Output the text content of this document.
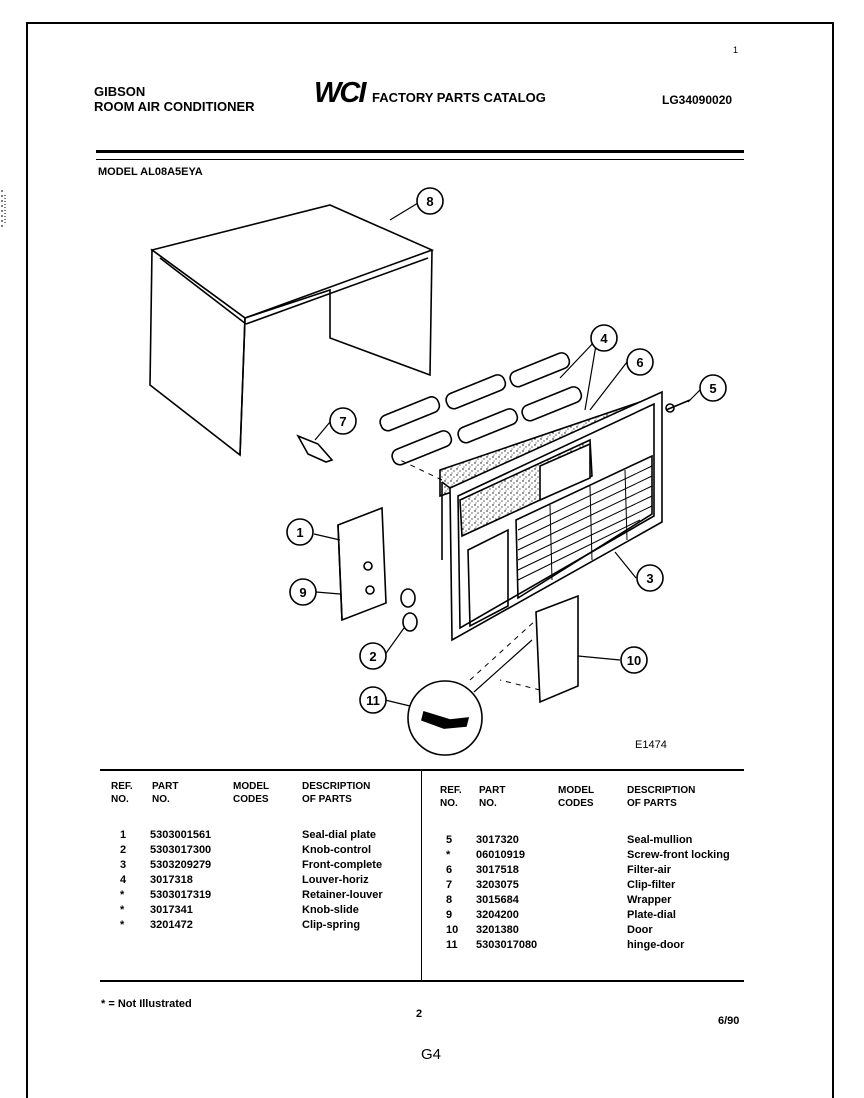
GIBSON
ROOM AIR CONDITIONER WCI FACTORY PARTS CATALOG	LG34090020
1
MODEL AL08A5EYA
1
2
3
4
5
6
7
8
9
10
11
E1474
REF.
NO.
PART
NO.
MODEL
CODES
DESCRIPTION
OF PARTS
REF.
NO.
PART
NO.
MODEL
CODES
DESCRIPTION
OF PARTS
1
2
3
4
*
*
*
5303001561
5303017300
5303209279
3017318
5303017319
3017341
3201472
Seal-dial plate
Knob-control
Front-complete
Louver-horiz
Retainer-louver
Knob-slide
Clip-spring
5
*
6
7
8
9
10
11
3017320
06010919
3017518
3203075
3015684
3204200
3201380
5303017080
Seal-mullion
Screw-front locking
Filter-air
Clip-filter
Wrapper
Plate-dial
Door
hinge-door
* = Not Illustrated
2
6/90
G4
